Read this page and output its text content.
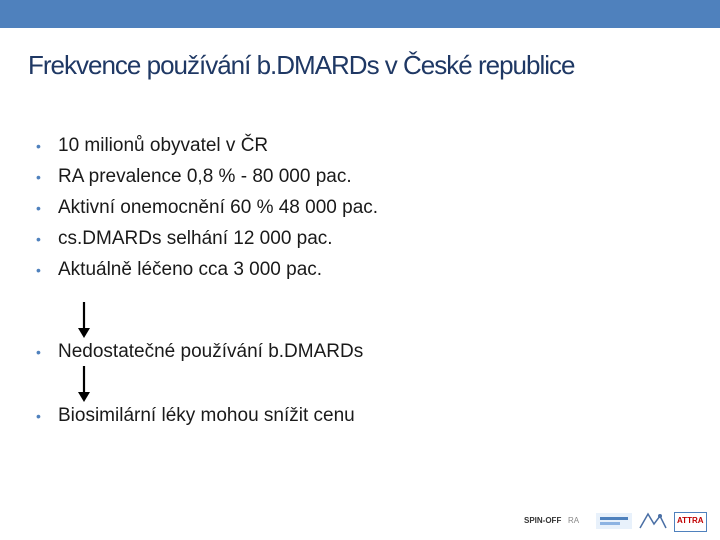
Frekvence používání b.DMARDs v České republice
• 10 milionů obyvatel v ČR
• RA prevalence 0,8 % - 80 000 pac.
• Aktivní onemocnění 60 % 48 000 pac.
• cs.DMARDs selhání 12 000 pac.
• Aktuálně léčeno cca 3 000 pac.
• Nedostatečné používání b.DMARDs
• Biosimilární léky mohou snížit cenu
SPIN-OFF RA	ATTRA
